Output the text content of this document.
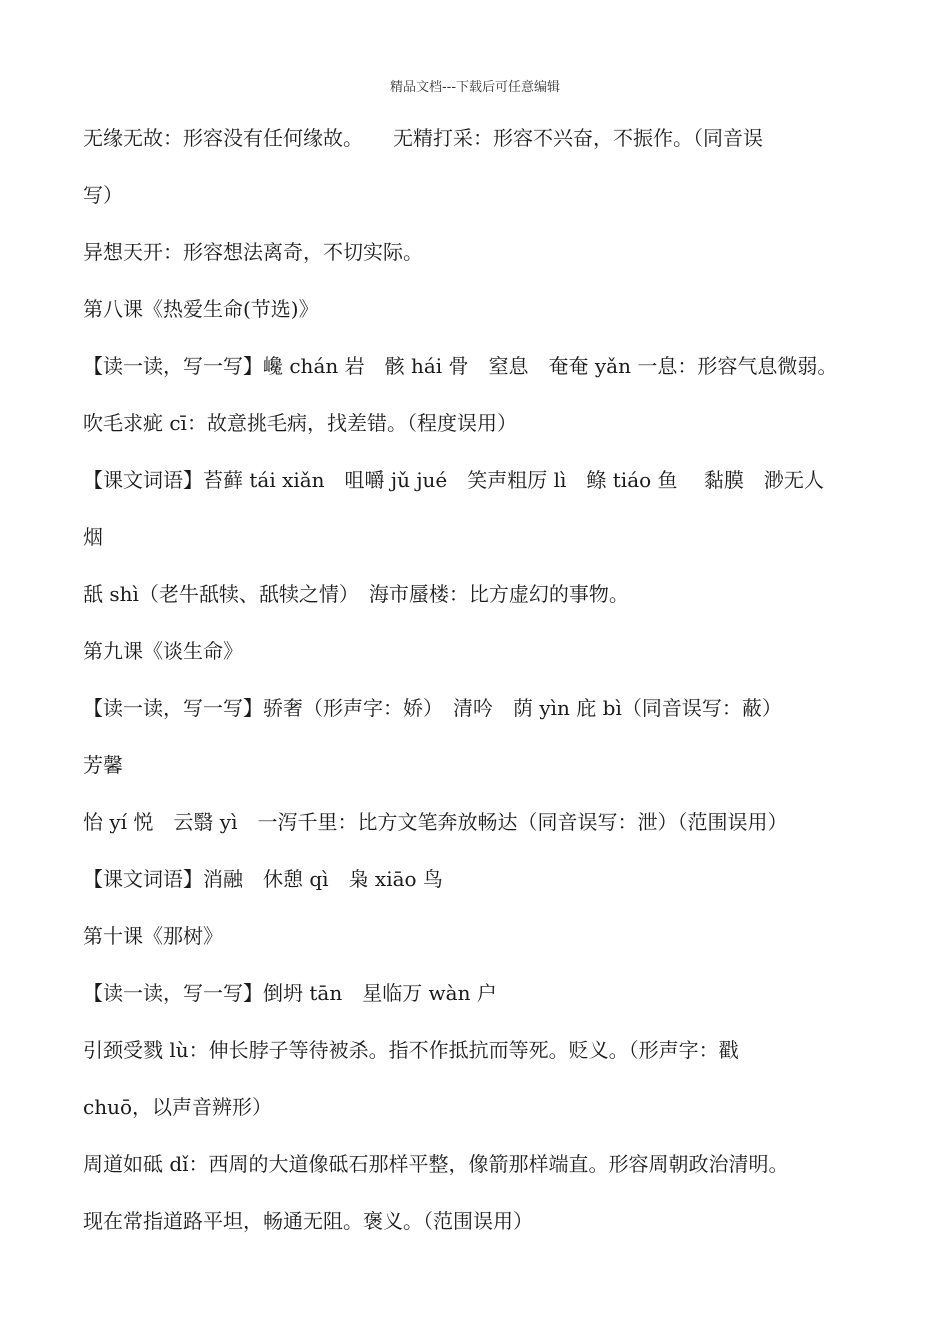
精品文档---下载后可任意编辑
无缘无故：形容没有任何缘故。　　无精打采：形容不兴奋，不振作。（同音误
写）
异想天开：形容想法离奇，不切实际。
第八课《热爱生命(节选)》
【读一读，写一写】巉 chán 岩　骸 hái 骨　窒息　奄奄 yǎn 一息：形容气息微弱。
吹毛求疵 cī：故意挑毛病，找差错。（程度误用）
【课文词语】苔藓 tái xiǎn　咀嚼 jǔ jué　笑声粗厉 lì　鲦 tiáo 鱼　 黏膜　渺无人
烟
舐 shì（老牛舐犊、舐犊之情）　海市蜃楼：比方虚幻的事物。
第九课《谈生命》
【读一读，写一写】骄奢（形声字：娇）　清吟　荫 yìn 庇 bì（同音误写：蔽）
芳馨
怡 yí 悦　云翳 yì　一泻千里：比方文笔奔放畅达（同音误写：泄）（范围误用）
【课文词语】消融　休憩 qì　枭 xiāo 鸟
第十课《那树》
【读一读，写一写】倒坍 tān　星临万 wàn 户
引颈受戮 lù：伸长脖子等待被杀。指不作抵抗而等死。贬义。（形声字：戳
chuō，以声音辨形）
周道如砥 dǐ：西周的大道像砥石那样平整，像箭那样端直。形容周朝政治清明。
现在常指道路平坦，畅通无阻。褒义。（范围误用）
